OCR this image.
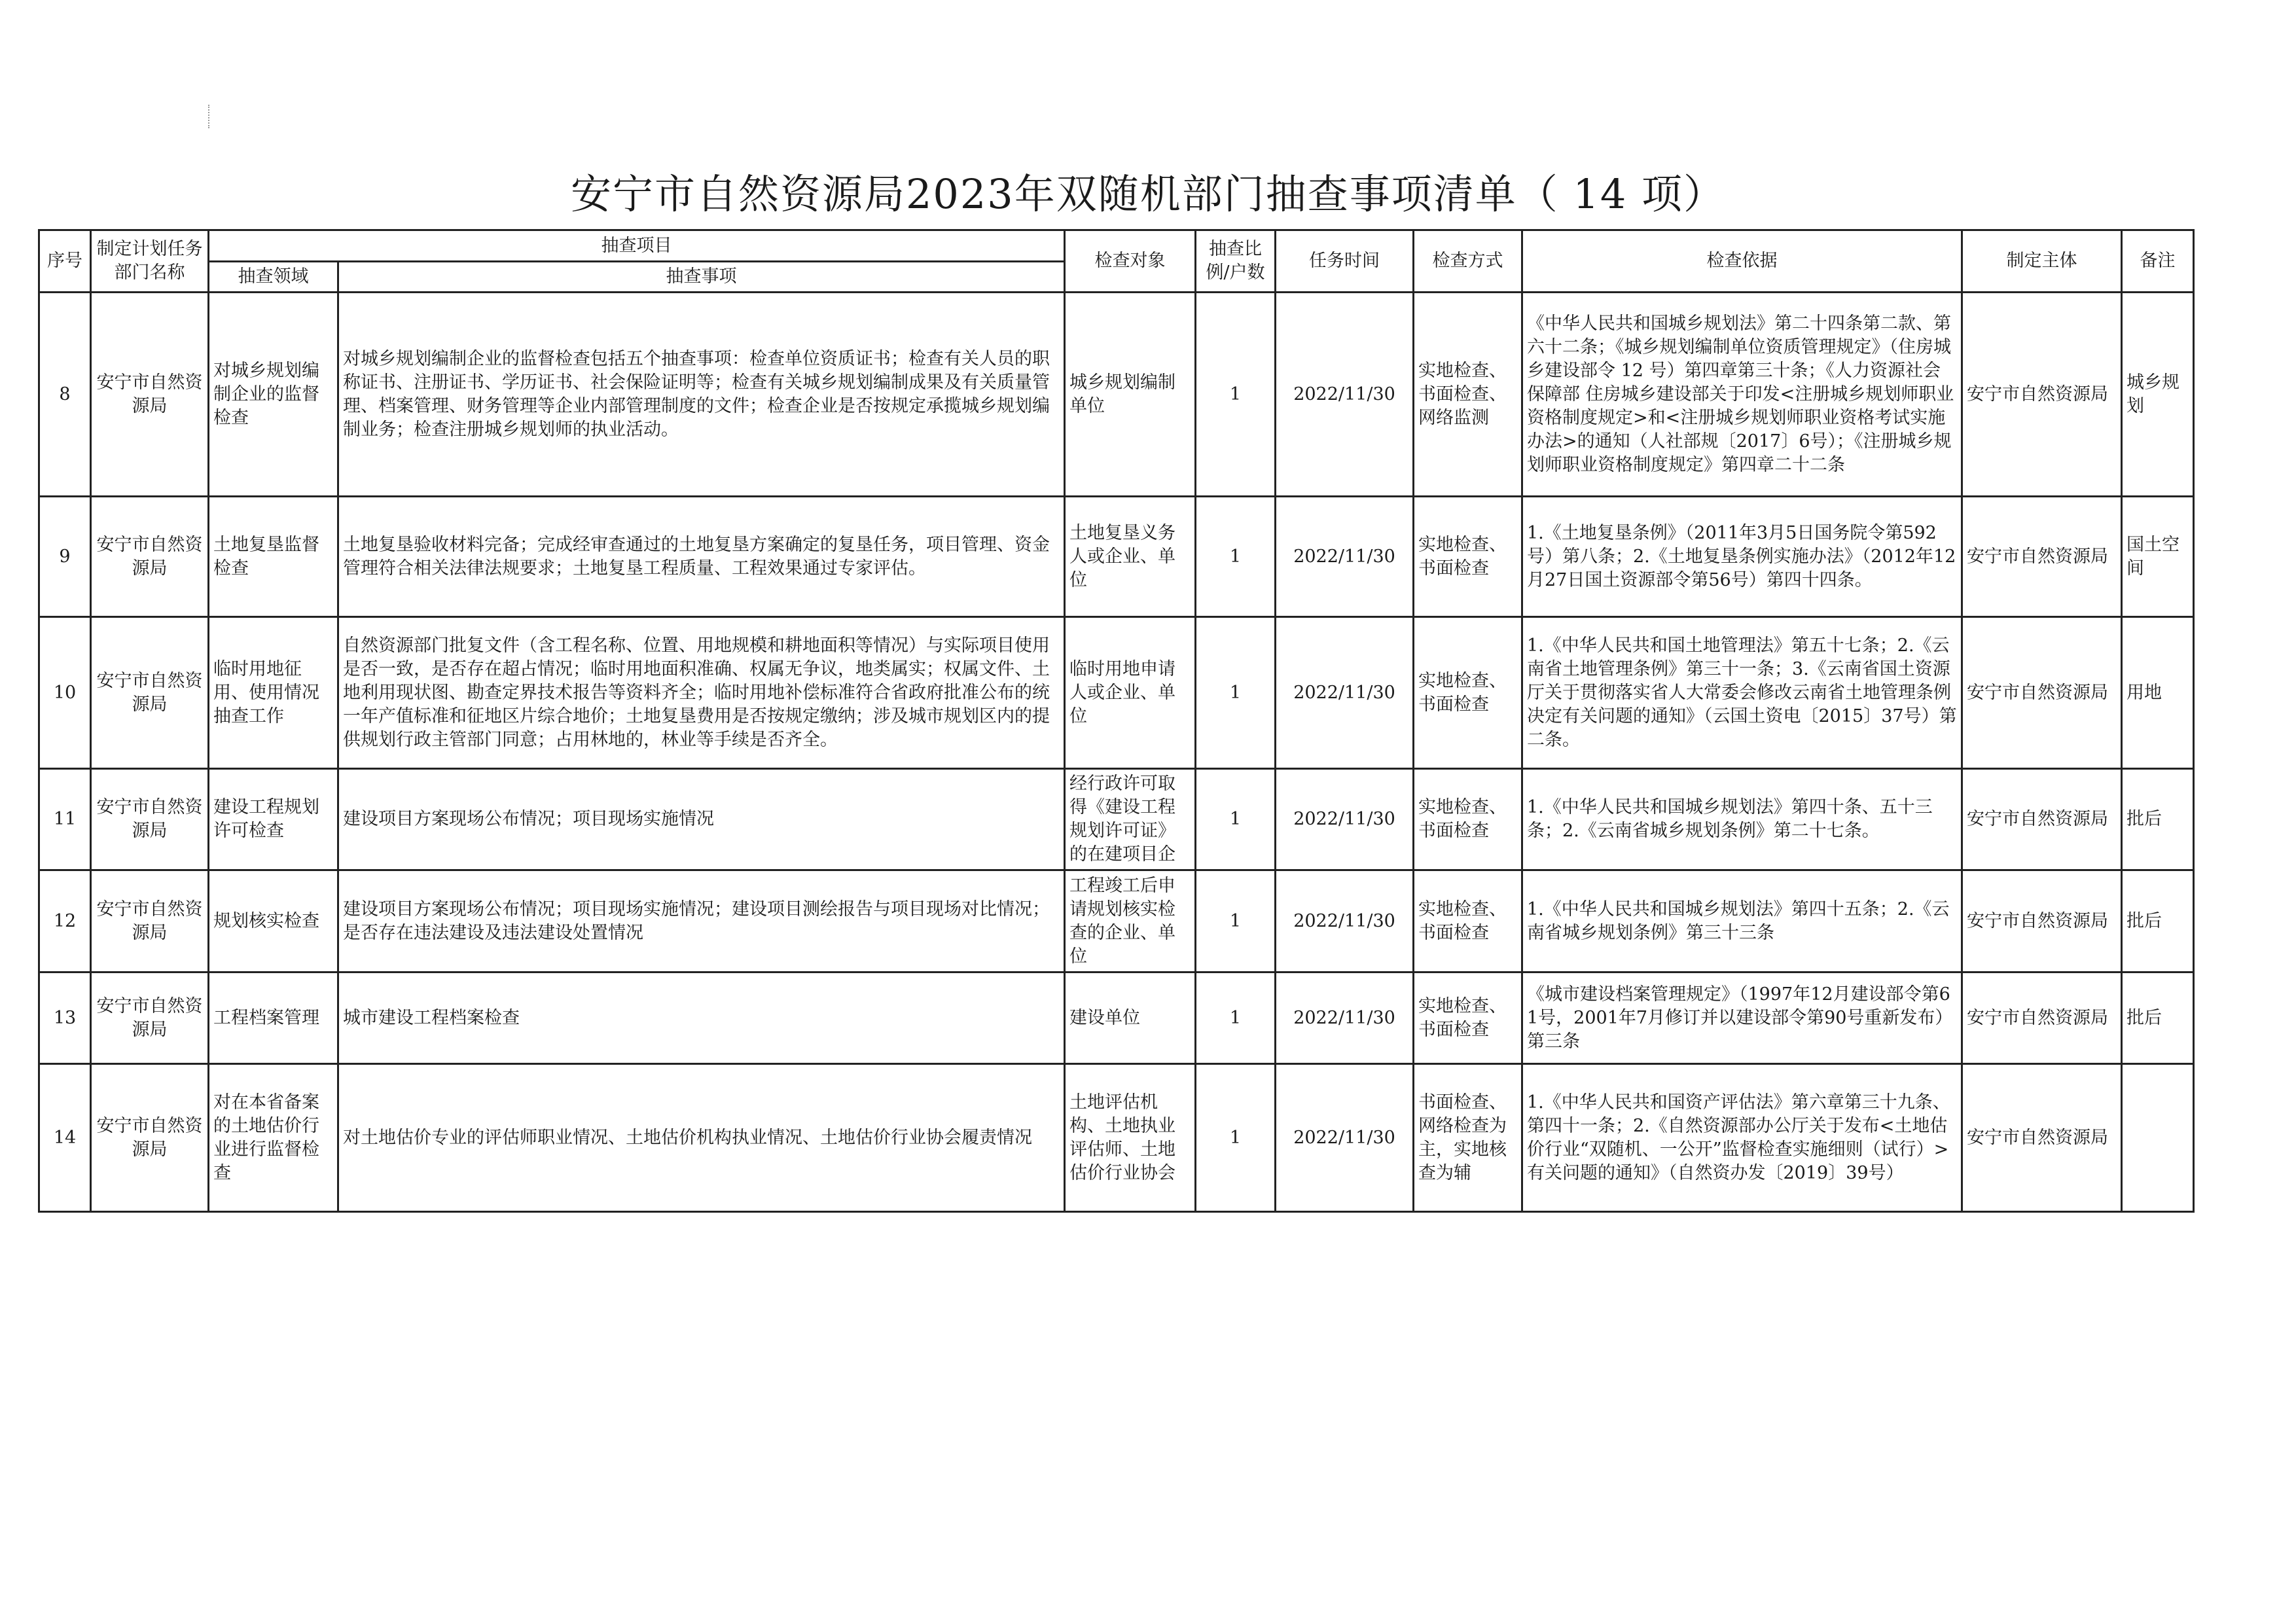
安宁市自然资源局2023年双随机部门抽查事项清单（ 14 项）
序号	制定计划任务部门名称	抽查项目		检查对象	抽查比例/户数	任务时间	检查方式	检查依据	制定主体	备注
		抽查领域	抽查事项							
8	安宁市自然资源局	对城乡规划编制企业的监督检查	对城乡规划编制企业的监督检查包括五个抽查事项：检查单位资质证书；检查有关人员的职称证书、注册证书、学历证书、社会保险证明等；检查有关城乡规划编制成果及有关质量管理、档案管理、财务管理等企业内部管理制度的文件；检查企业是否按规定承揽城乡规划编制业务；检查注册城乡规划师的执业活动。	城乡规划编制单位	1	2022/11/30	实地检查、书面检查、网络监测	《中华人民共和国城乡规划法》第二十四条第二款、第六十二条；《城乡规划编制单位资质管理规定》（住房城乡建设部令 12 号）第四章第三十条；《人力资源社会保障部 住房城乡建设部关于印发<注册城乡规划师职业资格制度规定>和<注册城乡规划师职业资格考试实施办法>的通知（人社部规〔2017〕6号）；《注册城乡规划师职业资格制度规定》第四章二十二条	安宁市自然资源局	城乡规划
9	安宁市自然资源局	土地复垦监督检查	土地复垦验收材料完备；完成经审查通过的土地复垦方案确定的复垦任务，项目管理、资金管理符合相关法律法规要求；土地复垦工程质量、工程效果通过专家评估。	土地复垦义务人或企业、单位	1	2022/11/30	实地检查、书面检查	1.《土地复垦条例》（2011年3月5日国务院令第592号）第八条；2.《土地复垦条例实施办法》（2012年12月27日国土资源部令第56号）第四十四条。	安宁市自然资源局	国土空间
10	安宁市自然资源局	临时用地征用、使用情况抽查工作	自然资源部门批复文件（含工程名称、位置、用地规模和耕地面积等情况）与实际项目使用是否一致，是否存在超占情况；临时用地面积准确、权属无争议，地类属实；权属文件、土地利用现状图、勘查定界技术报告等资料齐全；临时用地补偿标准符合省政府批准公布的统一年产值标准和征地区片综合地价；土地复垦费用是否按规定缴纳；涉及城市规划区内的提供规划行政主管部门同意；占用林地的，林业等手续是否齐全。	临时用地申请人或企业、单位	1	2022/11/30	实地检查、书面检查	1.《中华人民共和国土地管理法》第五十七条；2.《云南省土地管理条例》第三十一条；3.《云南省国土资源厅关于贯彻落实省人大常委会修改云南省土地管理条例决定有关问题的通知》（云国土资电〔2015〕37号）第二条。	安宁市自然资源局	用地
11	安宁市自然资源局	建设工程规划许可检查	建设项目方案现场公布情况；项目现场实施情况	经行政许可取得《建设工程规划许可证》的在建项目企	1	2022/11/30	实地检查、书面检查	1.《中华人民共和国城乡规划法》第四十条、五十三条；2.《云南省城乡规划条例》第二十七条。	安宁市自然资源局	批后
12	安宁市自然资源局	规划核实检查	建设项目方案现场公布情况；项目现场实施情况；建设项目测绘报告与项目现场对比情况；是否存在违法建设及违法建设处置情况	工程竣工后申请规划核实检查的企业、单位	1	2022/11/30	实地检查、书面检查	1.《中华人民共和国城乡规划法》第四十五条；2.《云南省城乡规划条例》第三十三条	安宁市自然资源局	批后
13	安宁市自然资源局	工程档案管理	城市建设工程档案检查	建设单位	1	2022/11/30	实地检查、书面检查	《城市建设档案管理规定》（1997年12月建设部令第61号，2001年7月修订并以建设部令第90号重新发布）第三条	安宁市自然资源局	批后
14	安宁市自然资源局	对在本省备案的土地估价行业进行监督检查	对土地估价专业的评估师职业情况、土地估价机构执业情况、土地估价行业协会履责情况	土地评估机构、土地执业评估师、土地估价行业协会	1	2022/11/30	书面检查、网络检查为主，实地核查为辅	1.《中华人民共和国资产评估法》第六章第三十九条、第四十一条；2.《自然资源部办公厅关于发布<土地估价行业“双随机、一公开”监督检查实施细则（试行）>有关问题的通知》（自然资办发〔2019〕39号）	安宁市自然资源局	
